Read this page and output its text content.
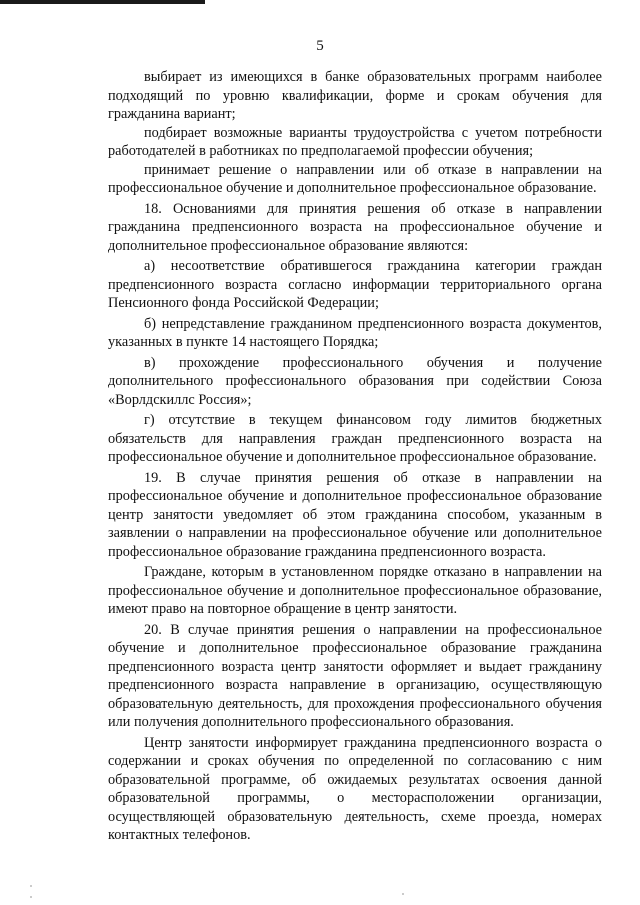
5

выбирает из имеющихся в банке образовательных программ наиболее подходящий по уровню квалификации, форме и срокам обучения для гражданина вариант;

подбирает возможные варианты трудоустройства с учетом потребности работодателей в работниках по предполагаемой профессии обучения;

принимает решение о направлении или об отказе в направлении на профессиональное обучение и дополнительное профессиональное образование.

18. Основаниями для принятия решения об отказе в направлении гражданина предпенсионного возраста на профессиональное обучение и дополнительное профессиональное образование являются:

а) несоответствие обратившегося гражданина категории граждан предпенсионного возраста согласно информации территориального органа Пенсионного фонда Российской Федерации;

б) непредставление гражданином предпенсионного возраста документов, указанных в пункте 14 настоящего Порядка;

в) прохождение профессионального обучения и получение дополнительного профессионального образования при содействии Союза «Ворлдскиллс Россия»;

г) отсутствие в текущем финансовом году лимитов бюджетных обязательств для направления граждан предпенсионного возраста на профессиональное обучение и дополнительное профессиональное образование.

19. В случае принятия решения об отказе в направлении на профессиональное обучение и дополнительное профессиональное образование центр занятости уведомляет об этом гражданина способом, указанным в заявлении о направлении на профессиональное обучение или дополнительное профессиональное образование гражданина предпенсионного возраста.

Граждане, которым в установленном порядке отказано в направлении на профессиональное обучение и дополнительное профессиональное образование, имеют право на повторное обращение в центр занятости.

20. В случае принятия решения о направлении на профессиональное обучение и дополнительное профессиональное образование гражданина предпенсионного возраста центр занятости оформляет и выдает гражданину предпенсионного возраста направление в организацию, осуществляющую образовательную деятельность, для прохождения профессионального обучения или получения дополнительного профессионального образования.

Центр занятости информирует гражданина предпенсионного возраста о содержании и сроках обучения по определенной по согласованию с ним образовательной программе, об ожидаемых результатах освоения данной образовательной программы, о месторасположении организации, осуществляющей образовательную деятельность, схеме проезда, номерах контактных телефонов.
